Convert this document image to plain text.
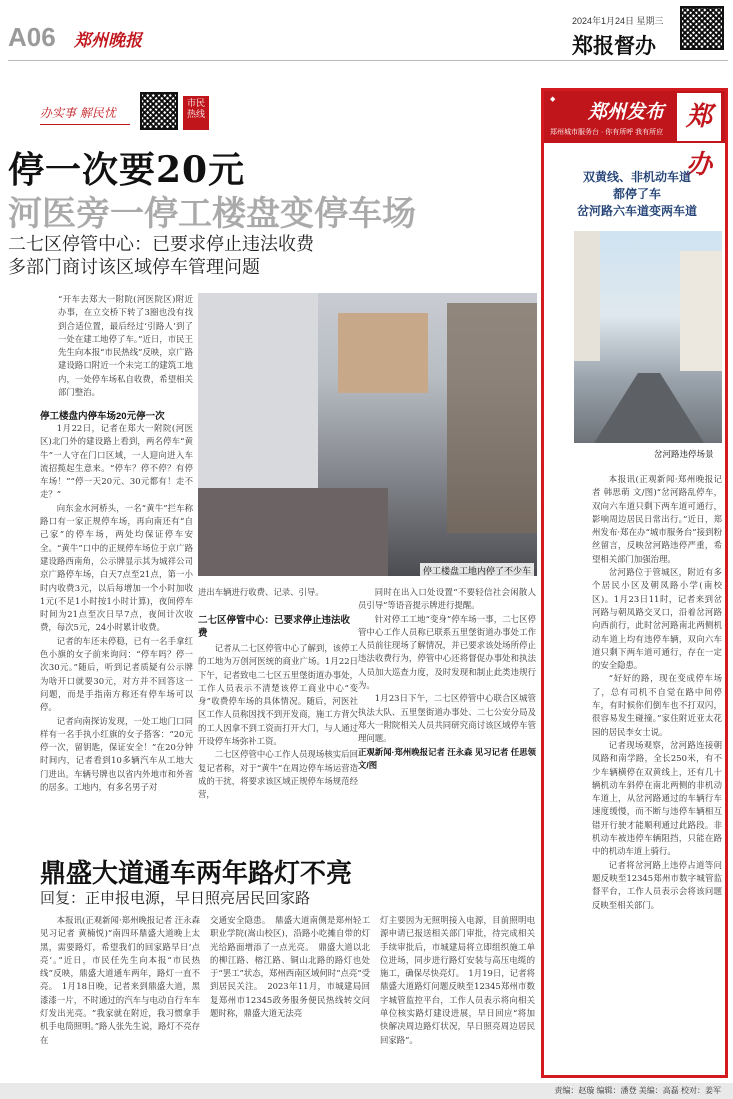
A06 郑州晚报
2024年1月24日 星期三
郑报督办
办实事 解民忧
市民热线
停一次要20元
河医旁一停工楼盘变停车场
二七区停管中心：已要求停止违法收费
多部门商讨该区域停车管理问题
“开车去郑大一附院(河医院区)附近办事，在立交桥下转了3圈也没有找到合适位置，最后经过‘引路人’到了一处在建工地停了车。”近日，市民王先生向本报“市民热线”反映，京广路建设路口附近一个未完工的建筑工地内，一处停车场私自收费，希望相关部门整治。
停工楼盘工地内停了不少车
停工楼盘内停车场20元停一次

1月22日，记者在郑大一附院(河医区)北门外的建设路上看到，两名停车“黄牛”一人守在门口区域，一人迎向进入车流招揽起生意来。“停车？停不停？有停车场！”“停一天20元、30元都有！走不走？”

向东金水河桥头，一名“黄牛”拦车称路口有一家正规停车场，再向南还有“自己家”的停车场，两处均保证停车安全。“黄牛”口中的正规停车场位于京广路建设路西南角，公示牌显示其为城祥公司京广路停车场，白天7点至21点，第一小时内收费3元，以后每增加一个小时加收1元(不足1小时按1小时计算)，夜间停车时间为21点至次日早7点，夜间计次收费，每次5元，24小时累计收费。

记者的车还未停稳，已有一名手拿红色小旗的女子前来询问：“停车吗？停一次30元。”随后，听到记者质疑有公示牌为啥开口就要30元，对方并不回答这一问题，而是手指南方称还有停车场可以停。

记者向南探访发现，一处工地门口同样有一名手执小红旗的女子搭客：“20元停一次，留钥匙，保证安全！”在20分钟时间内，记者看到10多辆汽车从工地大门进出。车辆号牌也以省内外地市和外省的居多。工地内，有多名男子对

进出车辆进行收费、记录、引导。
二七区停管中心：已要求停止违法收费

记者从二七区停管中心了解到，该停工的工地为万创河医统的商业广场。1月22日下午，记者致电二七区五里堡街道办事处，工作人员表示不清楚该停工商业中心“变身”收费停车场的具体情况。随后，河医社区工作人员称因找不到开发商，施工方背欠的工人因拿不到工资而打开大门，与人通过开设停车场弥补工资。

二七区停管中心工作人员现场核实后回复记者称，对于“黄牛”在周边停车场运营造成的干扰，将要求该区域正规停车场规范经营，

同时在出入口处设置“不要轻信社会闲散人员引导”等语音提示牌进行提醒。

针对停工工地“变身”停车场一事，二七区停管中心工作人员称已联系五里堡街道办事处工作人员前往现场了解情况，并已要求该处场所停止违法收费行为，停管中心还将督促办事处和执法人员加大巡查力度，及时发现和制止此类违规行为。

1月23日下午，二七区停管中心联合区城管执法大队、五里堡街道办事处、二七公安分局及郑大一附院相关人员共同研究商讨该区域停车管理问题。

正观新闻·郑州晚报记者 汪永森 见习记者 任思领 文/图

鼎盛大道通车两年路灯不亮
回复：正申报电源，早日照亮居民回家路
本报讯(正观新闻·郑州晚报记者 汪永森 见习记者 黄楠悦)“南四环鼎盛大道晚上太黑，需要路灯，希望我们的回家路早日‘点亮’。”近日，市民任先生向本报“市民热线”反映，鼎盛大道通车两年，路灯一直不亮。　1月18日晚，记者来到鼎盛大道，黑漆漆一片，不时通过的汽车与电动自行车车灯发出光亮。“我家就在附近，我习惯拿手机手电筒照明。”路人张先生说，路灯不亮存在
交通安全隐患。　鼎盛大道南侧是郑州轻工职业学院(嵩山校区)，沿路小吃摊自带的灯光给路面增添了一点光亮。　鼎盛大道以北的柳江路、榕江路、铜山北路的路灯也处于“罢工”状态，郑州西南区域何时“点亮”受到居民关注。　2023年11月，市城建局回复郑州市12345政务服务便民热线转交问题时称，鼎盛大道无法亮
灯主要因为无照明接入电源，目前照明电源申请已报送相关部门审批，待完成相关手续审批后，市城建局将立即组织施工单位进场，同步进行路灯安装与高压电缆的施工，确保尽快亮灯。　1月19日，记者将鼎盛大道路灯问题反映至12345郑州市数字城管监控平台，工作人员表示将向相关单位核实路灯建设进展，早日回应“将加快解决周边路灯状况，早日照亮周边居民回家路”。
◆
郑州发布
郑州城市服务台 · 你有所呼 我有所应
郑办
双黄线、非机动车道
都停了车
岔河路六车道变两车道
岔河路违停场景

本报讯(正观新闻·郑州晚报记者 韩思萌 文/图)“岔河路乱停车，双向六车道只剩下两车道可通行，影响周边居民日常出行。”近日，郑州发布·郑在办“城市服务台”接到粉丝留言，反映岔河路违停严重，希望相关部门加强治理。

岔河路位于管城区，附近有多个居民小区及朝凤路小学(南校区)。1月23日11时，记者来到岔河路与朝凤路交叉口，沿着岔河路向西前行，此时岔河路南北两侧机动车道上均有违停车辆，双向六车道只剩下两车道可通行，存在一定的安全隐患。

“好好的路，现在变成停车场了，总有司机不自觉在路中间停车，有时候你们倒车也不打双闪，很容易发生碰撞。”家住附近亚太花园的居民李女士说。

记者现场观察，岔河路连接朝凤路和南学路，全长250米，有不少车辆横停在双黄线上，还有几十辆机动车斜停在南北两侧的非机动车道上，从岔河路通过的车辆行车速度缓慢，而不断与违停车辆相互错开行驶才能顺利通过此路段。非机动车被违停车辆阻挡，只能在路中的机动车道上骑行。

记者将岔河路上违停占道等问题反映至12345郑州市数字城管监督平台，工作人员表示会将该问题反映至相关部门。

责编：赵璇 编辑：潘登 美编：高磊 校对：姜军
